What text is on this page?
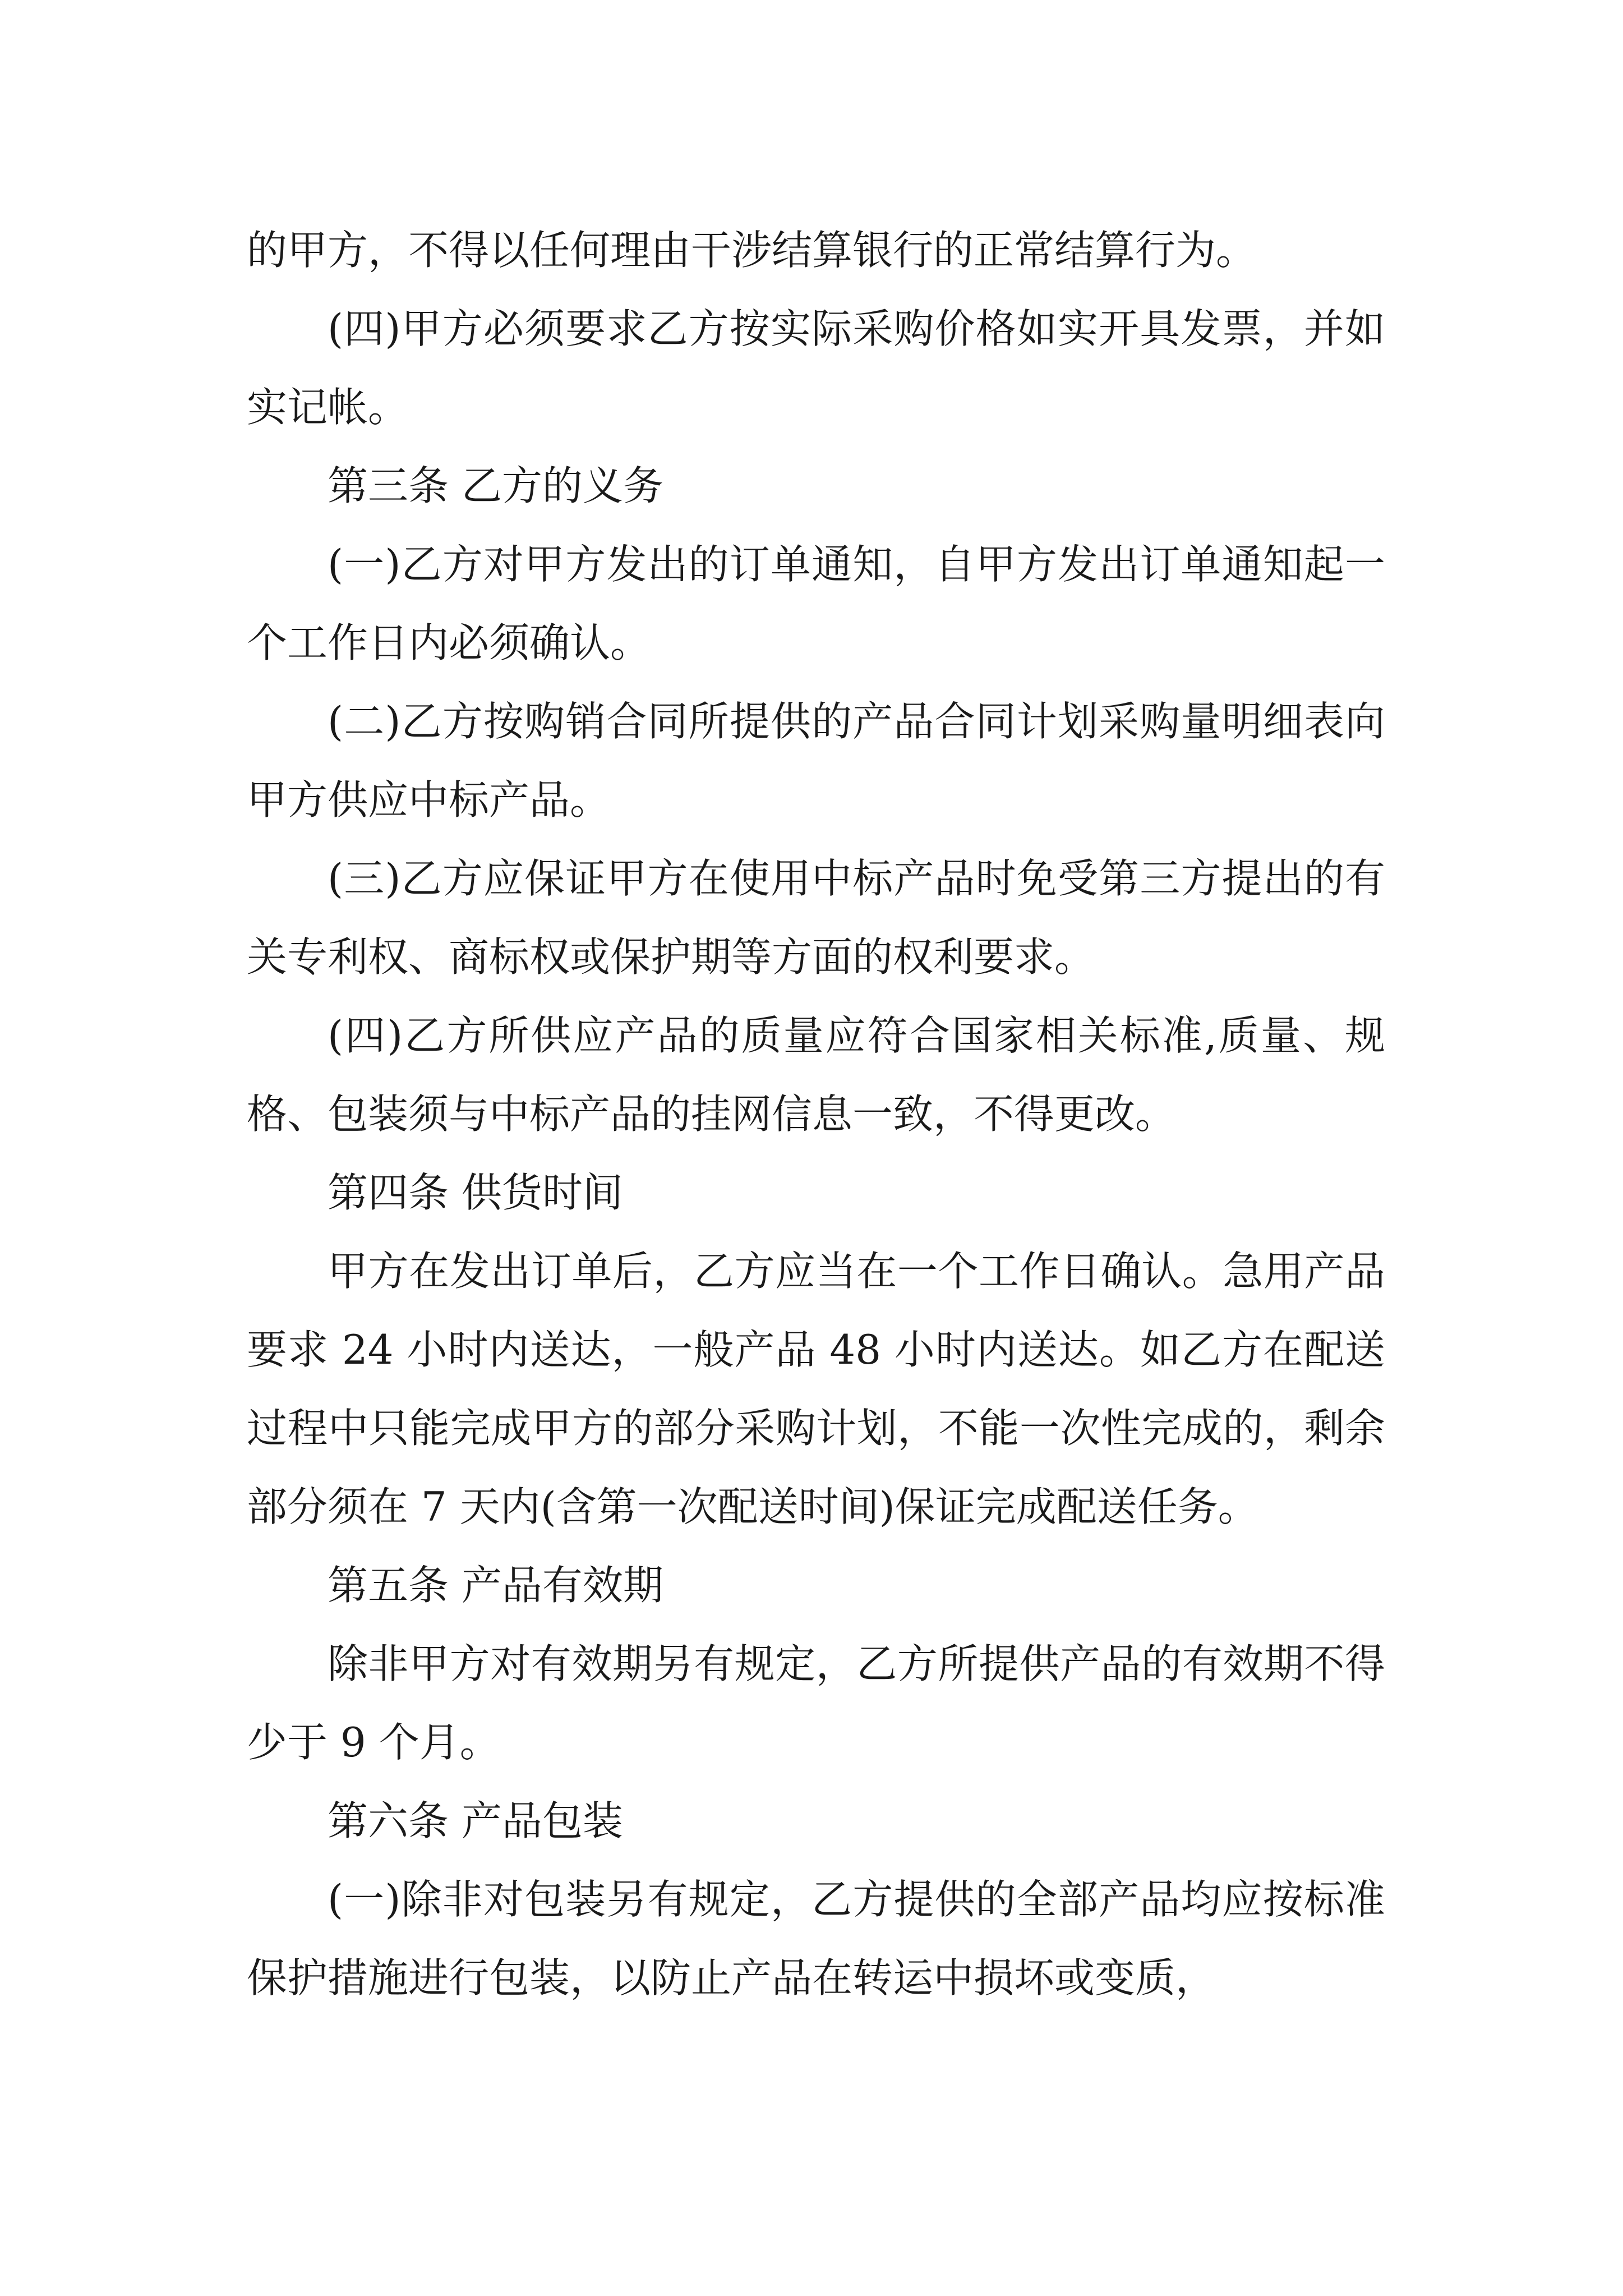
的甲方，不得以任何理由干涉结算银行的正常结算行为。

(四)甲方必须要求乙方按实际采购价格如实开具发票，并如实记帐。

第三条 乙方的义务

(一)乙方对甲方发出的订单通知，自甲方发出订单通知起一个工作日内必须确认。

(二)乙方按购销合同所提供的产品合同计划采购量明细表向甲方供应中标产品。

(三)乙方应保证甲方在使用中标产品时免受第三方提出的有关专利权、商标权或保护期等方面的权利要求。

(四)乙方所供应产品的质量应符合国家相关标准,质量、规格、包装须与中标产品的挂网信息一致，不得更改。

第四条 供货时间

甲方在发出订单后，乙方应当在一个工作日确认。急用产品要求 24 小时内送达，一般产品 48 小时内送达。如乙方在配送过程中只能完成甲方的部分采购计划，不能一次性完成的，剩余部分须在 7 天内(含第一次配送时间)保证完成配送任务。

第五条 产品有效期

除非甲方对有效期另有规定，乙方所提供产品的有效期不得少于 9 个月。

第六条 产品包装

(一)除非对包装另有规定，乙方提供的全部产品均应按标准保护措施进行包装，以防止产品在转运中损坏或变质，
